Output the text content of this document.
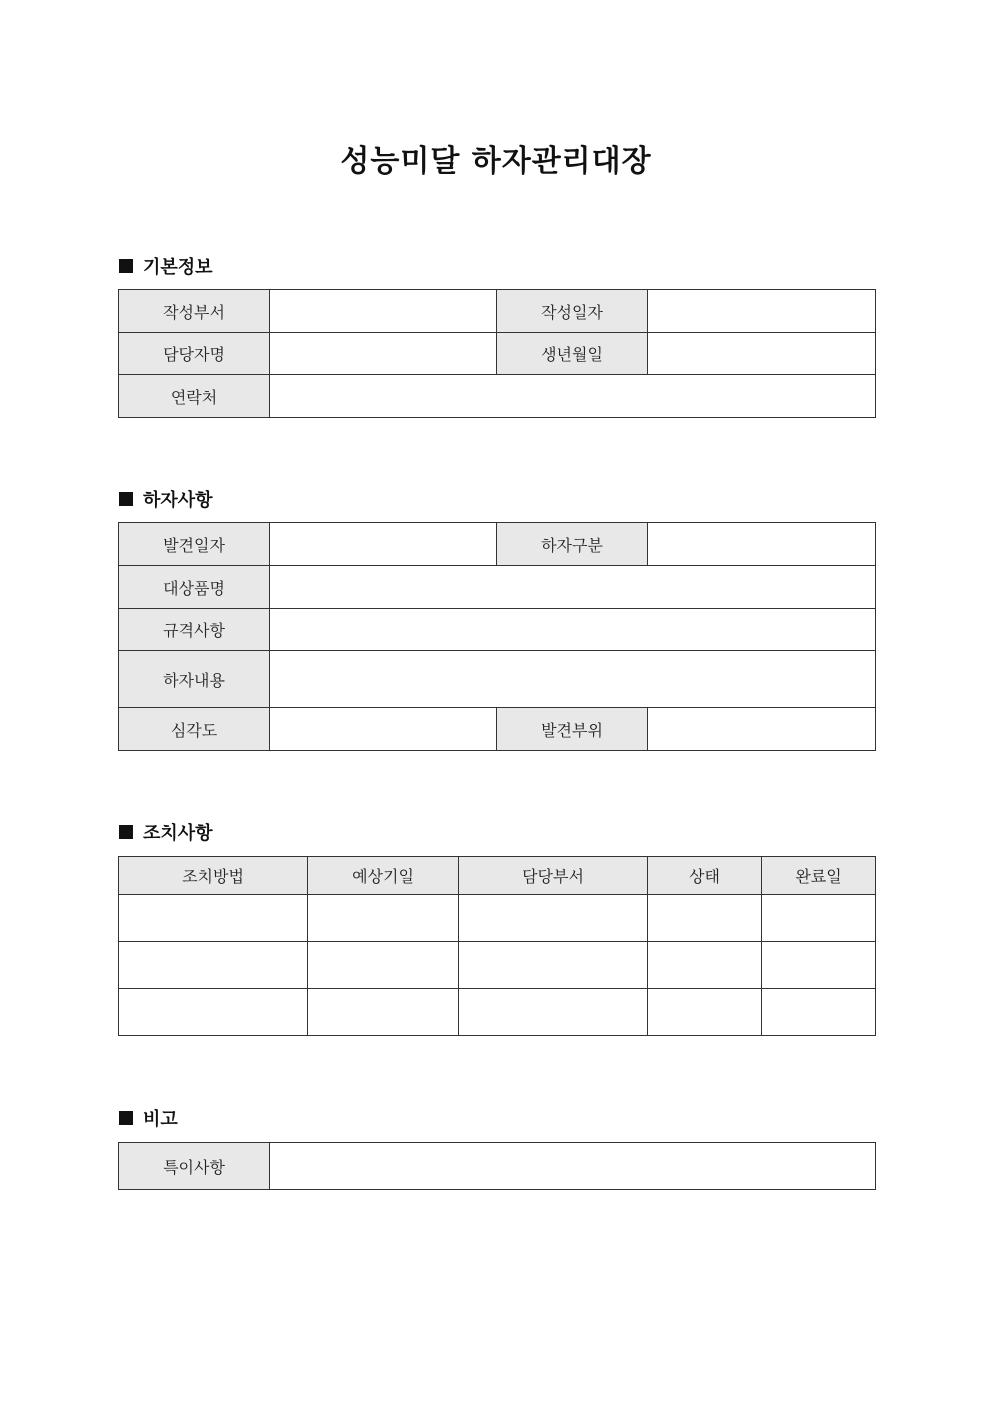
성능미달 하자관리대장
기본정보
작성부서		작성일자	
담당자명		생년월일	
연락처			
하자사항
발견일자		하자구분	
대상품명			
규격사항			
하자내용			
심각도		발견부위	
조치사항
조치방법	예상기일	담당부서	상태	완료일

비고
특이사항	
